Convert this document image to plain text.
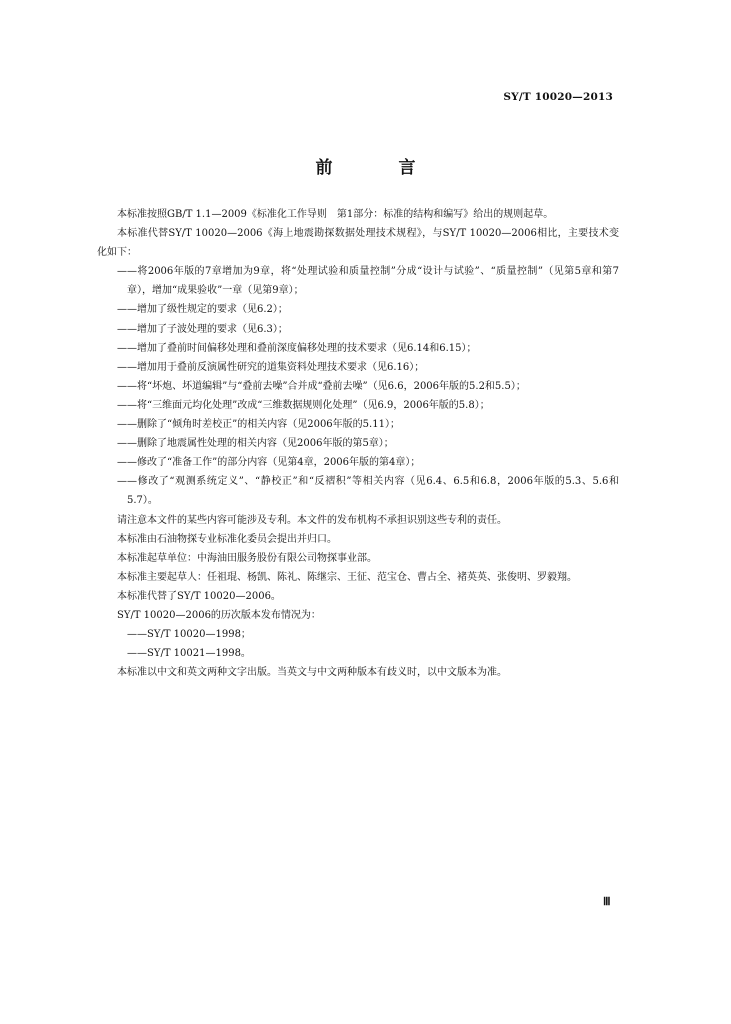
SY/T 10020—2013
前 言

本标准按照GB/T 1.1—2009《标准化工作导则　第1部分：标准的结构和编写》给出的规则起草。

本标准代替SY/T 10020—2006《海上地震勘探数据处理技术规程》，与SY/T 10020—2006相比，主要技术变化如下：

——将2006年版的7章增加为9章，将“处理试验和质量控制”分成“设计与试验”、“质量控制”（见第5章和第7章），增加“成果验收”一章（见第9章）；

——增加了级性规定的要求（见6.2）；

——增加了子波处理的要求（见6.3）；

——增加了叠前时间偏移处理和叠前深度偏移处理的技术要求（见6.14和6.15）；

——增加用于叠前反演属性研究的道集资料处理技术要求（见6.16）；

——将“坏炮、坏道编辑”与“叠前去噪”合并成“叠前去噪”（见6.6，2006年版的5.2和5.5）；

——将“三维面元均化处理”改成“三维数据规则化处理”（见6.9，2006年版的5.8）；

——删除了“倾角时差校正”的相关内容（见2006年版的5.11）；

——删除了地震属性处理的相关内容（见2006年版的第5章）；

——修改了“准备工作”的部分内容（见第4章，2006年版的第4章）；

——修改了“观测系统定义”、“静校正”和“反褶积”等相关内容（见6.4、6.5和6.8，2006年版的5.3、5.6和5.7）。

请注意本文件的某些内容可能涉及专利。本文件的发布机构不承担识别这些专利的责任。

本标准由石油物探专业标准化委员会提出并归口。

本标准起草单位：中海油田服务股份有限公司物探事业部。

本标准主要起草人：任祖琨、杨凯、陈礼、陈继宗、王征、范宝仓、曹占全、褚英英、张俊明、罗毅翔。

本标准代替了SY/T 10020—2006。

SY/T 10020—2006的历次版本发布情况为：

——SY/T 10020—1998；

——SY/T 10021—1998。

本标准以中文和英文两种文字出版。当英文与中文两种版本有歧义时，以中文版本为准。

Ⅲ
